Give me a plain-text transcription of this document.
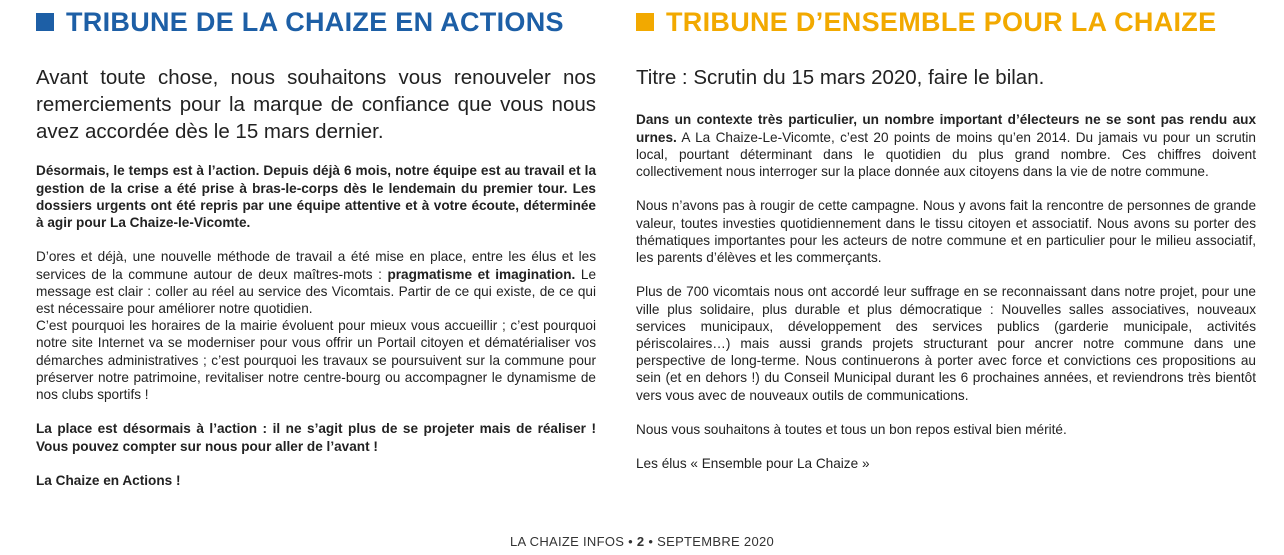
TRIBUNE DE LA CHAIZE EN ACTIONS

Avant toute chose, nous souhaitons vous renouveler nos remerciements pour la marque de confiance que vous nous avez accordée dès le 15 mars dernier.

Désormais, le temps est à l’action. Depuis déjà 6 mois, notre équipe est au travail et la gestion de la crise a été prise à bras-le-corps dès le lendemain du premier tour. Les dossiers urgents ont été repris par une équipe attentive et à votre écoute, déterminée à agir pour La Chaize-le-Vicomte.

D’ores et déjà, une nouvelle méthode de travail a été mise en place, entre les élus et les services de la commune autour de deux maîtres-mots : pragmatisme et imagination. Le message est clair : coller au réel au service des Vicomtais. Partir de ce qui existe, de ce qui est nécessaire pour améliorer notre quotidien.
C’est pourquoi les horaires de la mairie évoluent pour mieux vous accueillir ; c’est pourquoi notre site Internet va se moderniser pour vous offrir un Portail citoyen et dématérialiser vos démarches administratives ; c’est pourquoi les travaux se poursuivent sur la commune pour préserver notre patrimoine, revitaliser notre centre-bourg ou accompagner le dynamisme de nos clubs sportifs !

La place est désormais à l’action : il ne s’agit plus de se projeter mais de réaliser ! Vous pouvez compter sur nous pour aller de l’avant !

La Chaize en Actions !

TRIBUNE D’ENSEMBLE POUR LA CHAIZE

Titre : Scrutin du 15 mars 2020, faire le bilan.

Dans un contexte très particulier, un nombre important d’électeurs ne se sont pas rendu aux urnes. A La Chaize-Le-Vicomte, c’est 20 points de moins qu’en 2014. Du jamais vu pour un scrutin local, pourtant déterminant dans le quotidien du plus grand nombre. Ces chiffres doivent collectivement nous interroger sur la place donnée aux citoyens dans la vie de notre commune.

Nous n’avons pas à rougir de cette campagne. Nous y avons fait la rencontre de personnes de grande valeur, toutes investies quotidiennement dans le tissu citoyen et associatif. Nous avons su porter des thématiques importantes pour les acteurs de notre commune et en particulier pour le milieu associatif, les parents d’élèves et les commerçants.

Plus de 700 vicomtais nous ont accordé leur suffrage en se reconnaissant dans notre projet, pour une ville plus solidaire, plus durable et plus démocratique : Nouvelles salles associatives, nouveaux services municipaux, développement des services publics (garderie municipale, activités périscolaires…) mais aussi grands projets structurant pour ancrer notre commune dans une perspective de long-terme. Nous continuerons à porter avec force et convictions ces propositions au sein (et en dehors !) du Conseil Municipal durant les 6 prochaines années, et reviendrons très bientôt vers vous avec de nouveaux outils de communications.

Nous vous souhaitons à toutes et tous un bon repos estival bien mérité.

Les élus « Ensemble pour La Chaize »

LA CHAIZE INFOS • 2 • SEPTEMBRE 2020
